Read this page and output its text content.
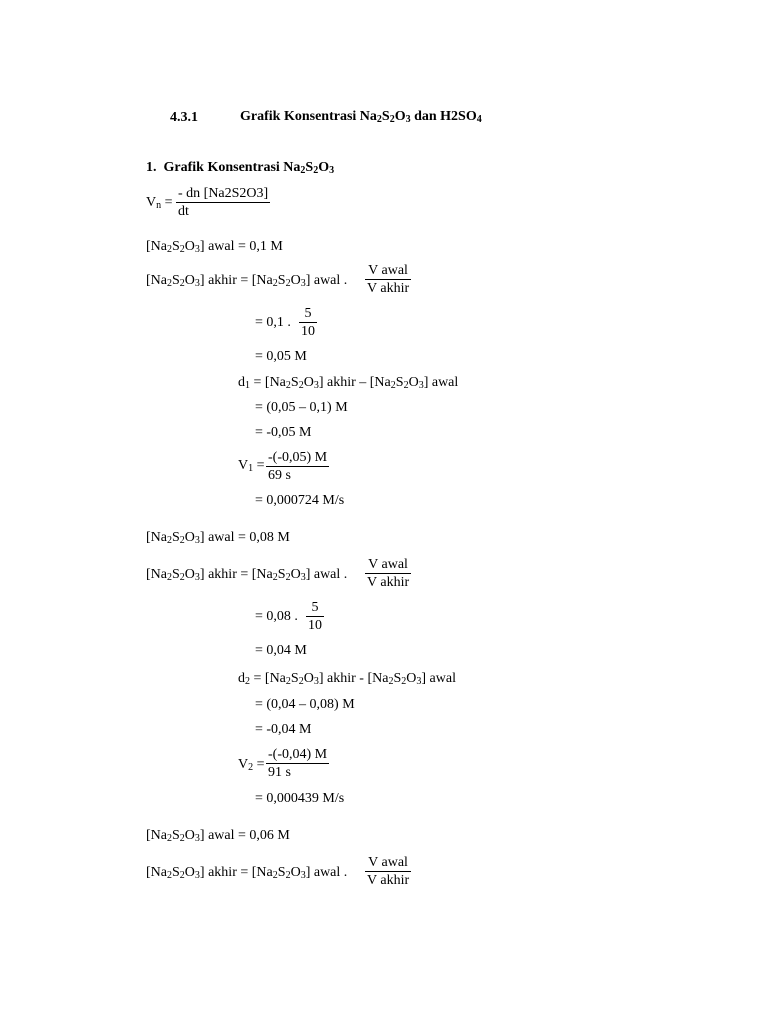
4.3.1	Grafik Konsentrasi $Na_2S_2O_3$ dan $H2SO_4$
1. Grafik Konsentrasi $Na_2S_2O_3$
$V_n = \frac{- dn [Na2S2O3]}{dt}$
$[Na_2S_2O_3]$ awal = 0,1 M
$[Na_2S_2O_3]$ akhir = $[Na_2S_2O_3]$ awal .
V awal
V akhir
= 0,1 . $\frac{5}{10}$
= 0,05 M
$d_1 = [Na_2S_2O_3]$ akhir – $[Na_2S_2O_3]$ awal
= (0,05 – 0,1) M
= -0,05 M
$V_1 = \frac{-(-0,05) M}{69 s}$
= 0,000724 M/s
$[Na_2S_2O_3]$ awal = 0,08 M
$[Na_2S_2O_3]$ akhir = $[Na_2S_2O_3]$ awal .
V awal
V akhir
= 0,08 . $\frac{5}{10}$
= 0,04 M
$d_2 = [Na_2S_2O_3]$ akhir - $[Na_2S_2O_3]$ awal
= (0,04 – 0,08) M
= -0,04 M
$V_2 = \frac{-(-0,04) M}{91 s}$
= 0,000439 M/s
$[Na_2S_2O_3]$ awal = 0,06 M
$[Na_2S_2O_3]$ akhir = $[Na_2S_2O_3]$ awal .
V awal
V akhir
